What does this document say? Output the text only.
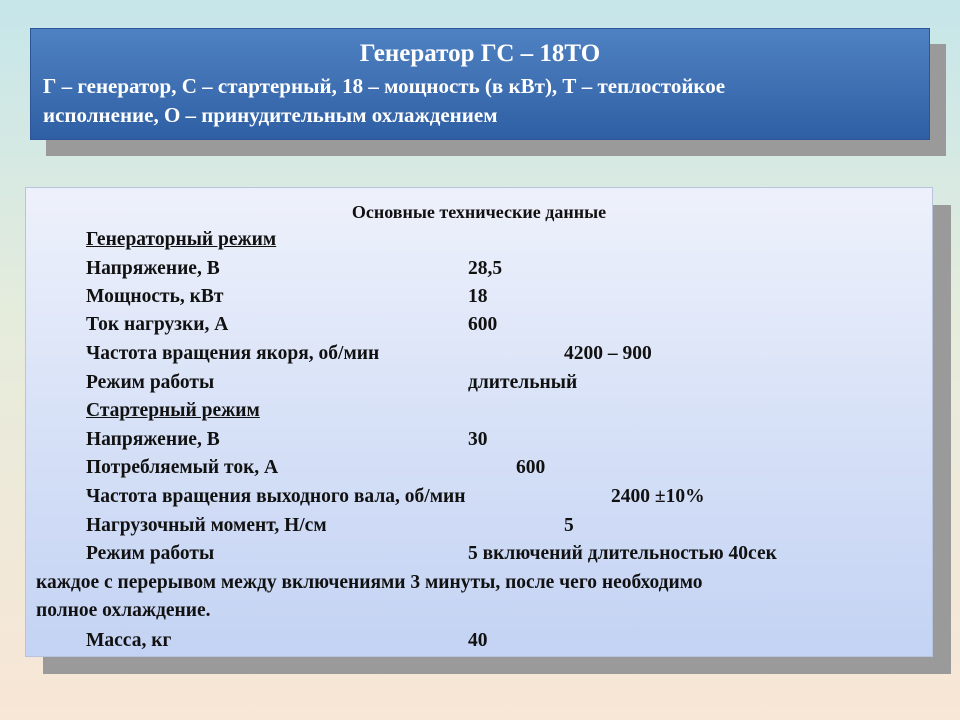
Генератор ГС – 18ТО
Г – генератор, С – стартерный, 18 – мощность (в кВт), Т – теплостойкое
исполнение, О – принудительным охлаждением
Основные технические данные
Генераторный режим
Напряжение, В	28,5
Мощность, кВт	18
Ток нагрузки, А	600
Частота вращения якоря, об/мин	4200 – 900
Режим работы	длительный
Стартерный режим
Напряжение, В	30
Потребляемый ток, А	600
Частота вращения выходного вала, об/мин	2400 ±10%
Нагрузочный момент, Н/см	5
Режим работы	5 включений длительностью 40сек
каждое с перерывом между включениями 3 минуты, после чего необходимо
полное охлаждение.
Масса, кг	40
